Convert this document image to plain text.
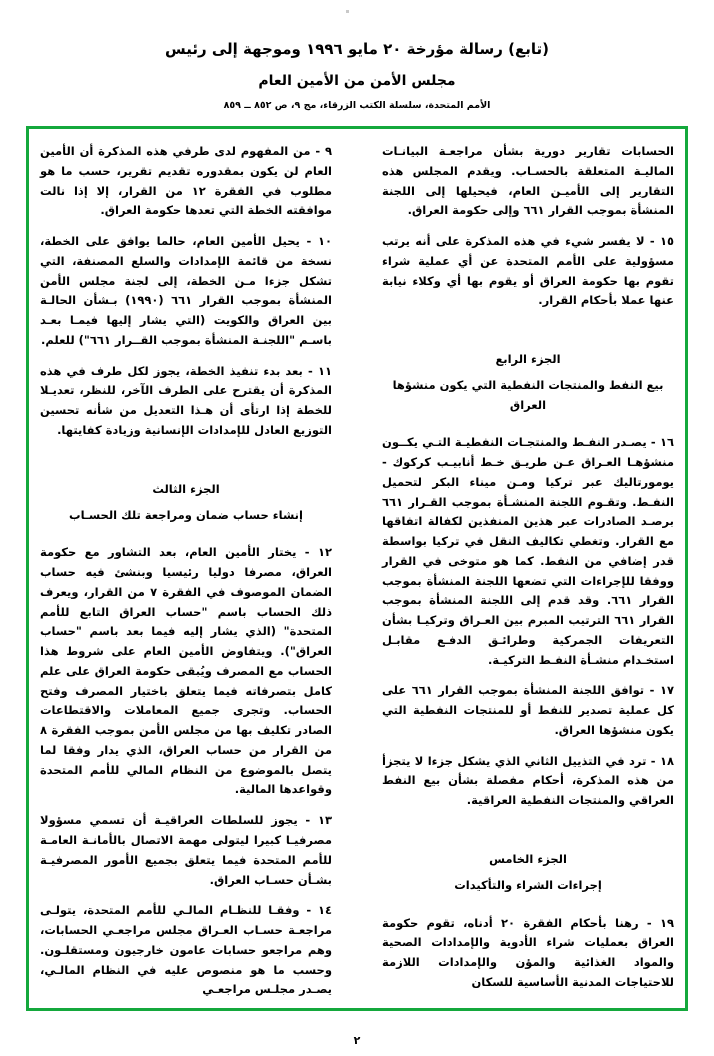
(تابع) رسالة مؤرخة ٢٠ مايو ١٩٩٦ وموجهة إلى رئيس
مجلس الأمن من الأمين العام
الأمم المتحدة، سلسلة الكتب الزرقاء، مج ٩، ص ٨٥٢ ــ ٨٥٩

٩ - من المفهوم لدى طرفي هذه المذكرة أن الأمين العام لن يكون بمقدوره تقديم تقرير، حسب ما هو مطلوب في الفقرة ١٢ من القرار، إلا إذا نالت موافقته الخطة التي تعدها حكومة العراق.

١٠ - يحيل الأمين العام، حالما يوافق على الخطة، نسخة من قائمة الإمدادات والسلع المصنفة، التي تشكل جزءا مـن الخطة، إلى لجنة مجلس الأمن المنشأة بموجب القرار ٦٦١ (١٩٩٠) بـشأن الحالـة بين العراق والكويت (التي يشار إليها فيمـا بعـد باسـم "اللجنـة المنشأة بموجب القــرار ٦٦١") للعلم.

١١ - بعد بدء تنفيذ الخطة، يجوز لكل طرف في هذه المذكرة أن يقترح على الطرف الآخر، للنظر، تعديـلا للخطة إذا ارتأى أن هـذا التعديل من شأنه تحسين التوزيع العادل للإمدادات الإنسانية وزيادة كفايتها.

الجزء الثالث
إنشاء حساب ضمان ومراجعة تلك الحسـاب

١٢ - يختار الأمين العام، بعد التشاور مع حكومة العراق، مصرفا دوليا رئيسيا وبنشئ فيه حساب الضمان الموصوف في الفقرة ٧ من القرار، ويعرف ذلك الحساب باسم "حساب العراق التابع للأمم المتحدة" (الذي يشار إليه فيما بعد باسم "حساب العراق"). ويتفاوض الأمين العام على شروط هذا الحساب مع المصرف ويُبقى حكومة العراق على علم كامل بتصرفاته فيما يتعلق باختيار المصرف وفتح الحساب. وتجرى جميع المعاملات والاقتطاعات الصادر تكليف بها من مجلس الأمن بموجب الفقرة ٨ من القرار من حساب العراق، الذي يدار وفقا لما يتصل بالموضوع من النظام المالي للأمم المتحدة وقواعدها المالية.

١٣ - يجوز للسلطات العراقيـة أن تسمي مسؤولا مصرفيـا كبيرا ليتولى مهمة الاتصال بالأمانـة العامـة للأمم المتحدة فيما يتعلق بجميع الأمور المصرفيـة بشـأن حسـاب العراق.

١٤ - وفقـا للنظـام المالـي للأمم المتحدة، يتولـى مراجعـة حسـاب العـراق مجلس مراجعـي الحسابات، وهم مراجعو حسابات عامون خارجيون ومستقلـون. وحسب ما هو منصوص عليه في النظام المالـي، يصـدر مجلـس مراجعـي

الحسابات تقارير دورية بشأن مراجعـة البيانـات الماليـة المتعلقة بالحسـاب. ويقدم المجلس هذه التقارير إلى الأميـن العام، فيحيلها إلى اللجنة المنشأة بموجب القرار ٦٦١ وإلى حكومة العراق.

١٥ - لا يفسر شيء في هذه المذكرة على أنه يرتب مسؤولية على الأمم المتحدة عن أي عملية شراء تقوم بها حكومة العراق أو يقوم بها أي وكلاء نيابة عنها عملا بأحكام القرار.

الجزء الرابع
بيع النفط والمنتجات النفطية التي يكون منشؤها العراق

١٦ - يصـدر النفـط والمنتجـات النفطيـة التـي يكــون منشؤهـا العـراق عـن طريـق خـط أنابيـب كركوك - يومورتاليك عبر تركيا ومـن ميناء البكر لتحميل النفـط. وتقـوم اللجنة المنشـأة بموجب القـرار ٦٦١ برصـد الصادرات عبر هذين المنفذين لكفالة اتفاقها مع القرار. وتغطي تكاليف النقل في تركيا بواسطة قدر إضافي من النفط. كما هو متوخى في القرار ووفقا للإجراءات التي تضعها اللجنة المنشأة بموجب القرار ٦٦١. وقد قدم إلى اللجنة المنشأة بموجب القرار ٦٦١ الترتيب المبرم بين العـراق وتركيـا بشأن التعريفات الجمركية وطرائـق الدفـع مقابـل استخـدام منشـأة النفـط التركيـة.

١٧ - توافق اللجنة المنشأة بموجب القرار ٦٦١ على كل عملية تصدير للنفط أو للمنتجات النفطية التي يكون منشؤها العراق.

١٨ - ترد في التذييل الثاني الذي يشكل جزءا لا يتجزأ من هذه المذكرة، أحكام مفصلة بشأن بيع النفط العراقي والمنتجات النفطية العراقية.

الجزء الخامس
إجراءات الشراء والتأكيدات

١٩ - رهنا بأحكام الفقرة ٢٠ أدناه، تقوم حكومة العراق بعمليات شراء الأدوية والإمدادات الصحية والمواد الغذائية والمؤن والإمدادات اللازمة للاحتياجات المدنية الأساسية للسكان

٢
